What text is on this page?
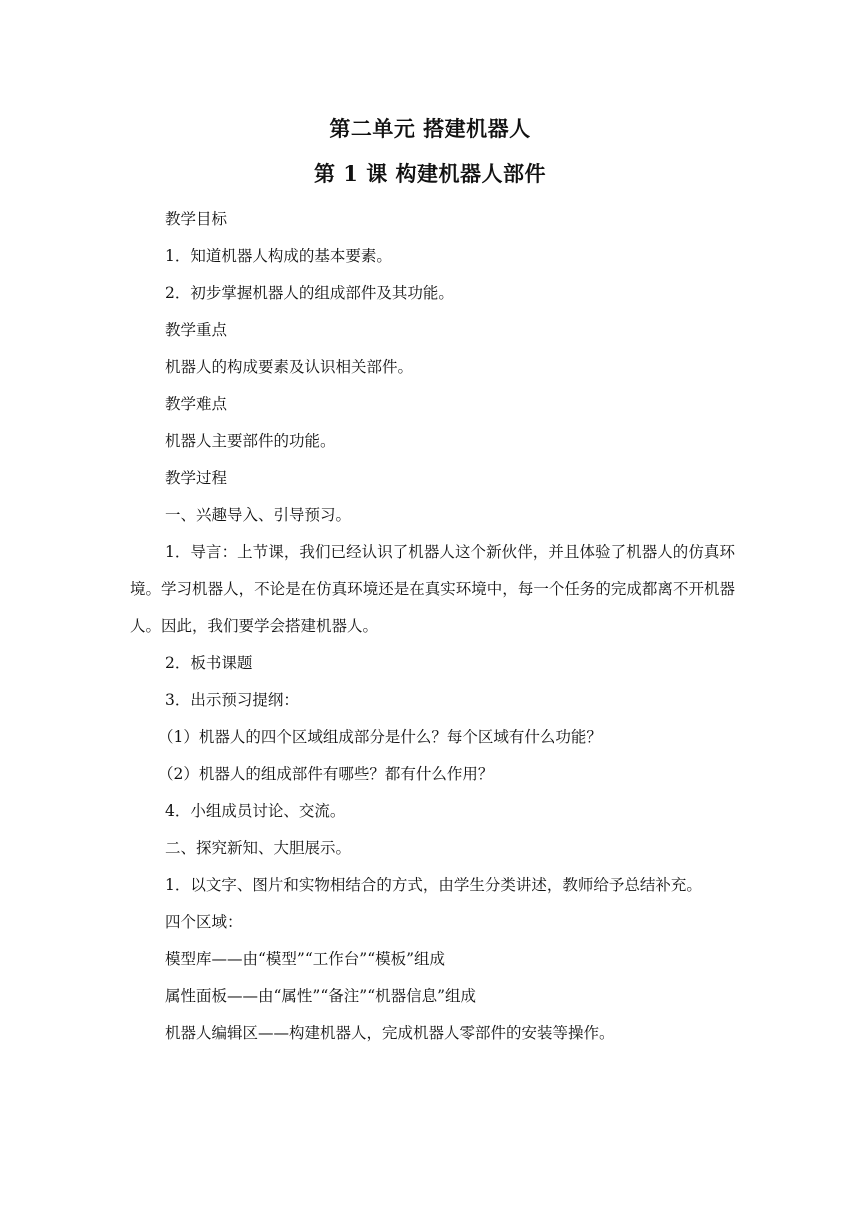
第二单元 搭建机器人
第 1 课 构建机器人部件

教学目标

1．知道机器人构成的基本要素。

2．初步掌握机器人的组成部件及其功能。

教学重点

机器人的构成要素及认识相关部件。

教学难点

机器人主要部件的功能。

教学过程

一、兴趣导入、引导预习。

1．导言：上节课，我们已经认识了机器人这个新伙伴，并且体验了机器人的仿真环境。学习机器人，不论是在仿真环境还是在真实环境中，每一个任务的完成都离不开机器人。因此，我们要学会搭建机器人。

2．板书课题

3．出示预习提纲：

（1）机器人的四个区域组成部分是什么？每个区域有什么功能？

（2）机器人的组成部件有哪些？都有什么作用？

4．小组成员讨论、交流。

二、探究新知、大胆展示。

1．以文字、图片和实物相结合的方式，由学生分类讲述，教师给予总结补充。

四个区域：

模型库——由“模型”“工作台”“模板”组成

属性面板——由“属性”“备注”“机器信息”组成

机器人编辑区——构建机器人，完成机器人零部件的安装等操作。
